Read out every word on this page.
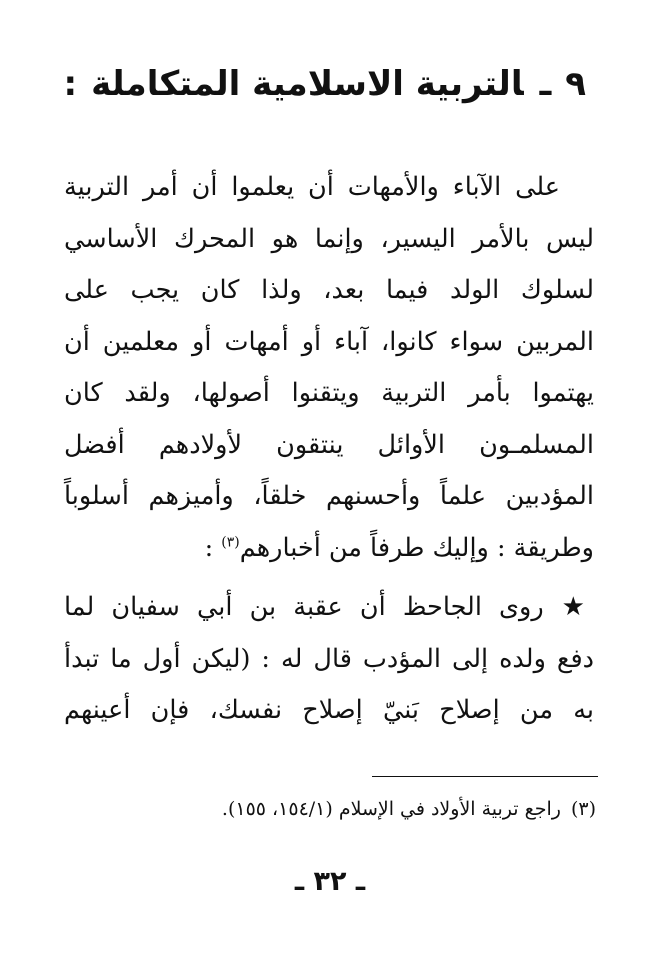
٩ـالتربية الاسلامية المتكاملة:
على الآباء والأمهات أن يعلموا أن أمر التربية
ليس بالأمر اليسير، وإنما هو المحرك الأساسي
لسلوك الولد فيما بعد، ولذا كان يجب على
المربين سواء كانوا، آباء أو أمهات أو معلمين أن
يهتموا بأمر التربية ويتقنوا أصولها، ولقد كان
المسلمـون الأوائل ينتقون لأولادهم أفضل
المؤدبين علماً وأحسنهم خلقاً، وأميزهم أسلوباً
وطريقة : وإليك طرفاً من أخبارهم$^{(٣)}$ :
★روى الجاحظ أن عقبة بن أبي سفيان لما
دفع ولده إلى المؤدب قال له : (ليكن أول ما تبدأ
به من إصلاح بَنيّ إصلاح نفسك، فإن أعينهم
(٣)راجع تربية الأولاد في الإسلام (١٥٤/١، ١٥٥).
ـ ٣٢ ـ
